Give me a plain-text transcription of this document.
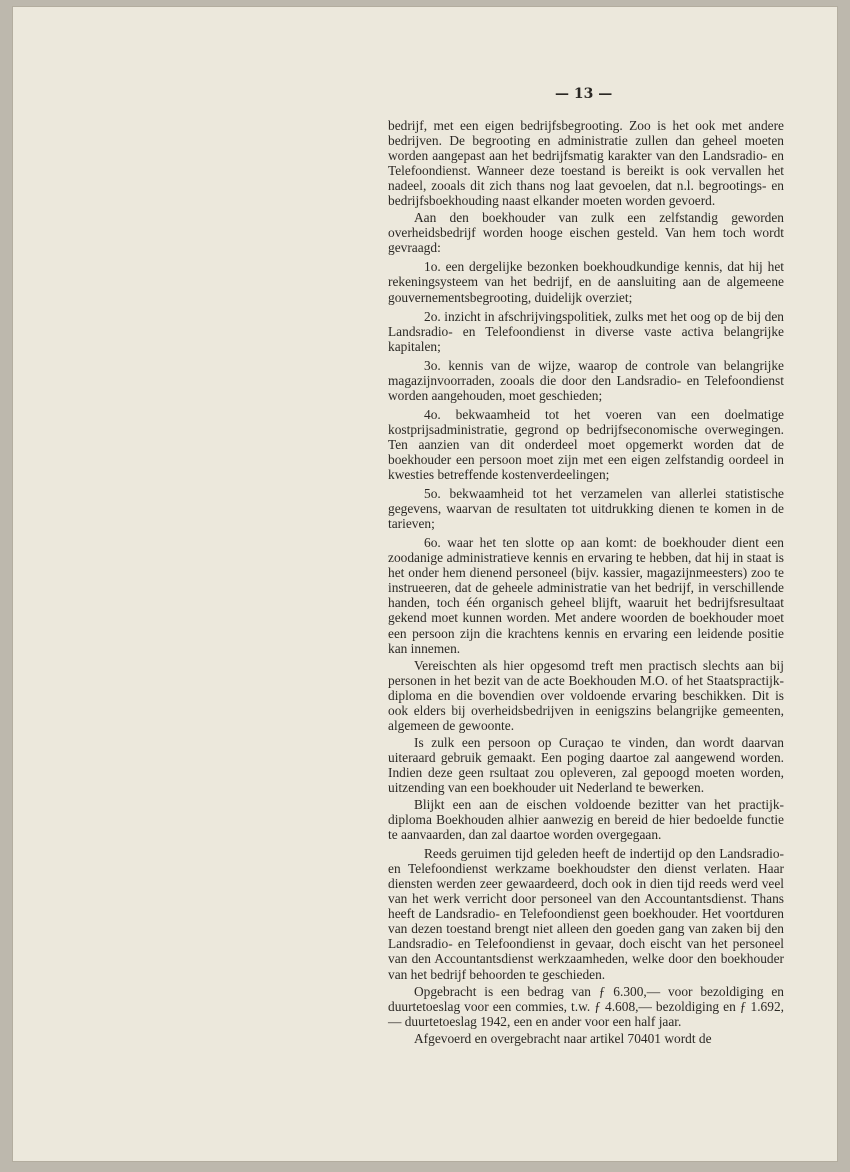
— 13 —

bedrijf, met een eigen bedrijfsbegrooting. Zoo is het ook met andere bedrijven. De begrooting en administratie zullen dan geheel moeten worden aangepast aan het bedrijfsmatig karakter van den Landsradio- en Telefoondienst. Wanneer deze toestand is bereikt is ook vervallen het nadeel, zooals dit zich thans nog laat gevoelen, dat n.l. begrootings- en bedrijfsboekhouding naast elkander moeten worden gevoerd.

Aan den boekhouder van zulk een zelfstandig geworden overheidsbedrijf worden hooge eischen gesteld. Van hem toch wordt gevraagd:

1o. een dergelijke bezonken boekhoudkundige kennis, dat hij het rekeningsysteem van het bedrijf, en de aansluiting aan de algemeene gouvernementsbegrooting, duidelijk overziet;

2o. inzicht in afschrijvingspolitiek, zulks met het oog op de bij den Landsradio- en Telefoondienst in diverse vaste activa belangrijke kapitalen;

3o. kennis van de wijze, waarop de controle van belangrijke magazijnvoorraden, zooals die door den Landsradio- en Telefoondienst worden aangehouden, moet geschieden;

4o. bekwaamheid tot het voeren van een doelmatige kostprijsadministratie, gegrond op bedrijfseconomische overwegingen. Ten aanzien van dit onderdeel moet opgemerkt worden dat de boekhouder een persoon moet zijn met een eigen zelfstandig oordeel in kwesties betreffende kostenverdeelingen;

5o. bekwaamheid tot het verzamelen van allerlei statistische gegevens, waarvan de resultaten tot uitdrukking dienen te komen in de tarieven;

6o. waar het ten slotte op aan komt: de boekhouder dient een zoodanige administratieve kennis en ervaring te hebben, dat hij in staat is het onder hem dienend personeel (bijv. kassier, magazijnmeesters) zoo te instrueeren, dat de geheele administratie van het bedrijf, in verschillende handen, toch één organisch geheel blijft, waaruit het bedrijfsresultaat gekend moet kunnen worden. Met andere woorden de boekhouder moet een persoon zijn die krachtens kennis en ervaring een leidende positie kan innemen.

Vereischten als hier opgesomd treft men practisch slechts aan bij personen in het bezit van de acte Boekhouden M.O. of het Staatspractijk-diploma en die bovendien over voldoende ervaring beschikken. Dit is ook elders bij overheidsbedrijven in eenigszins belangrijke gemeenten, algemeen de gewoonte.

Is zulk een persoon op Curaçao te vinden, dan wordt daarvan uiteraard gebruik gemaakt. Een poging daartoe zal aangewend worden. Indien deze geen rsultaat zou opleveren, zal gepoogd moeten worden, uitzending van een boekhouder uit Nederland te bewerken.

Blijkt een aan de eischen voldoende bezitter van het practijk-diploma Boekhouden alhier aanwezig en bereid de hier bedoelde functie te aanvaarden, dan zal daartoe worden overgegaan.

Reeds geruimen tijd geleden heeft de indertijd op den Landsradio- en Telefoondienst werkzame boekhoudster den dienst verlaten. Haar diensten werden zeer gewaardeerd, doch ook in dien tijd reeds werd veel van het werk verricht door personeel van den Accountantsdienst. Thans heeft de Landsradio- en Telefoondienst geen boekhouder. Het voortduren van dezen toestand brengt niet alleen den goeden gang van zaken bij den Landsradio- en Telefoondienst in gevaar, doch eischt van het personeel van den Accountantsdienst werkzaamheden, welke door den boekhouder van het bedrijf behoorden te geschieden.

Opgebracht is een bedrag van ƒ 6.300,— voor bezoldiging en duurtetoeslag voor een commies, t.w. ƒ 4.608,— bezoldiging en ƒ 1.692,— duurtetoeslag 1942, een en ander voor een half jaar.

Afgevoerd en overgebracht naar artikel 70401 wordt de
